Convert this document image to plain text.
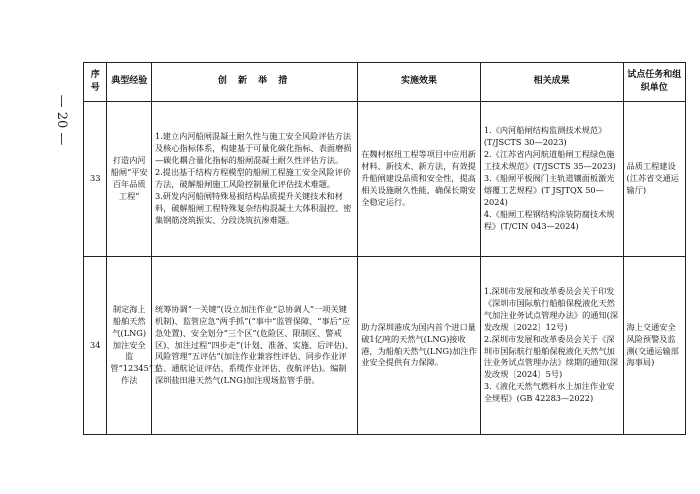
— 20 —
序号	典型经验	创 新 举 措	实施效果	相关成果	试点任务和组织单位
33	打造内河船闸“平安百年品质工程”	1.建立内河船闸混凝土耐久性与施工安全风险评估方法及核心指标体系，构建基于可量化碳化指标、表面磨损—碳化耦合量化指标的船闸混凝土耐久性评估方法。
2.提出基于结构方程模型的船闸工程施工安全风险评价方法，破解船闸施工风险控制量化评估技术难题。
3.研发内河船闸特殊易损结构品质提升关键技术和材料，破解船闸工程特殊复杂结构混凝土大体积温控、密集钢筋浇筑振实、分段浇筑抗渗难题。	在魏村枢纽工程等项目中应用新材料、新技术、新方法，有效提升船闸建设品质和安全性，提高相关设施耐久性能，确保长期安全稳定运行。	1.《内河船闸结构监测技术规范》(T/JSCTS 30—2023)
2.《江苏省内河航道船闸工程绿色施工技术规范》(T/JSCTS 35—2023)
3.《船闸平板阀门主轨道镶面板激光熔覆工艺规程》(T JSJTQX 50—2024)
4.《船闸工程钢结构涂装防腐技术规程》(T/CIN 043—2024)	品质工程建设(江苏省交通运输厅)
34	制定海上船舶天然气(LNG)加注安全监管“12345”工作法	统筹协调“一关键”(设立加注作业“总协调人”一项关键机制)、监管应急“两手抓”(“事中”监管保障、“事后”应急处置)、安全划分“三个区”(危险区、限制区、警戒区)、加注过程“四步走”(计划、准备、实施、后评估)、风险管理“五评估”(加注作业兼容性评估、同步作业评估、通航论证评估、系缆作业评估、夜航评估)。编制深圳盐田港天然气(LNG)加注现场监管手册。	助力深圳港成为国内首个进口量破1亿吨的天然气(LNG)接收港，为船舶天然气(LNG)加注作业安全提供有力保障。	1.深圳市发展和改革委员会关于印发《深圳市国际航行船舶保税液化天然气加注业务试点管理办法》的通知(深发改规〔2022〕12号)
2.深圳市发展和改革委员会关于《深圳市国际航行船舶保税液化天然气加注业务试点管理办法》续期的通知(深发改规〔2024〕5号)
3.《液化天然气燃料水上加注作业安全规程》(GB 42283—2022)	海上交通安全风险预警及监测(交通运输部海事局)
